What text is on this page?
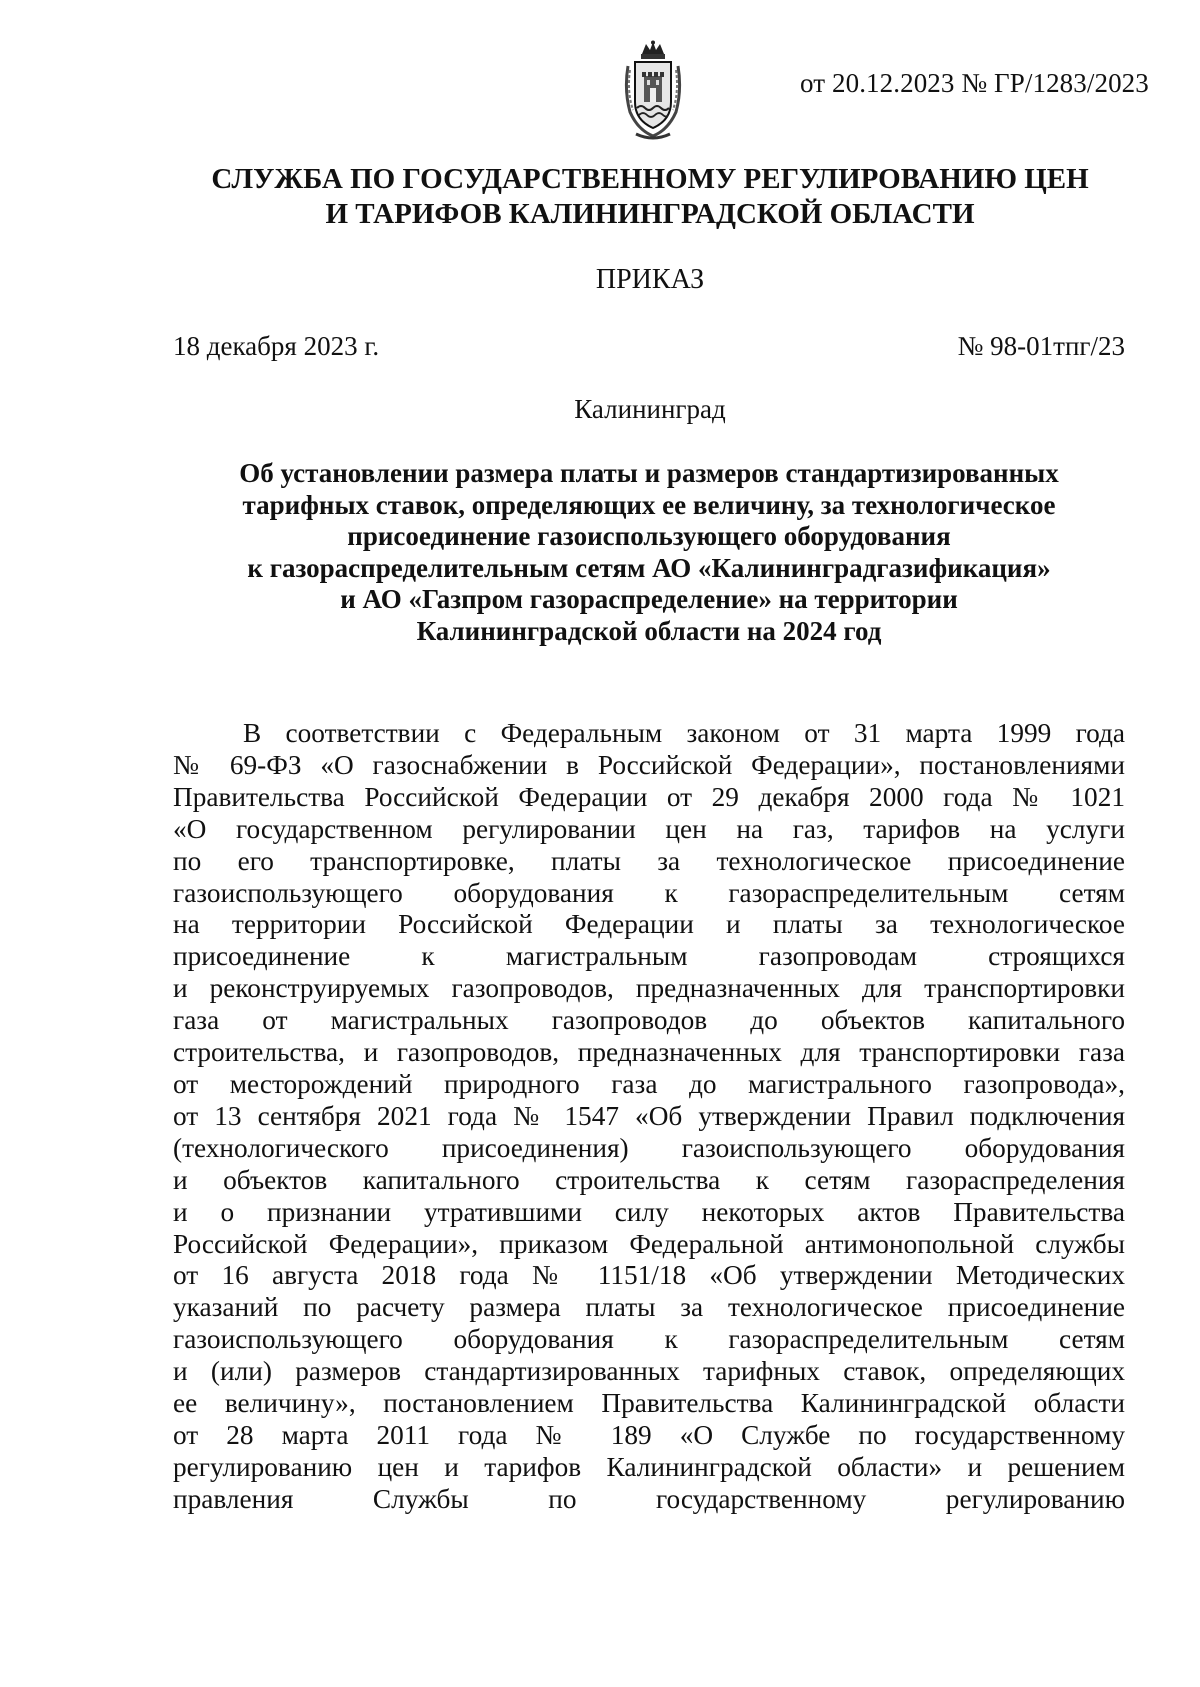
от 20.12.2023 № ГР/1283/2023
СЛУЖБА ПО ГОСУДАРСТВЕННОМУ РЕГУЛИРОВАНИЮ ЦЕН
И ТАРИФОВ КАЛИНИНГРАДСКОЙ ОБЛАСТИ
ПРИКАЗ
18 декабря 2023 г.	№ 98-01тпг/23
Калининград
Об установлении размера платы и размеров стандартизированных
тарифных ставок, определяющих ее величину, за технологическое
присоединение газоиспользующего оборудования
к газораспределительным сетям АО «Калининградгазификация»
и АО «Газпром газораспределение» на территории
Калининградской области на 2024 год
В соответствии с Федеральным законом от 31 марта 1999 года
№ 69-ФЗ «О газоснабжении в Российской Федерации», постановлениями
Правительства Российской Федерации от 29 декабря 2000 года № 1021
«О государственном регулировании цен на газ, тарифов на услуги
по его транспортировке, платы за технологическое присоединение
газоиспользующего оборудования к газораспределительным сетям
на территории Российской Федерации и платы за технологическое
присоединение к магистральным газопроводам строящихся
и реконструируемых газопроводов, предназначенных для транспортировки
газа от магистральных газопроводов до объектов капитального
строительства, и газопроводов, предназначенных для транспортировки газа
от месторождений природного газа до магистрального газопровода»,
от 13 сентября 2021 года № 1547 «Об утверждении Правил подключения
(технологического присоединения) газоиспользующего оборудования
и объектов капитального строительства к сетям газораспределения
и о признании утратившими силу некоторых актов Правительства
Российской Федерации», приказом Федеральной антимонопольной службы
от 16 августа 2018 года № 1151/18 «Об утверждении Методических
указаний по расчету размера платы за технологическое присоединение
газоиспользующего оборудования к газораспределительным сетям
и (или) размеров стандартизированных тарифных ставок, определяющих
ее величину», постановлением Правительства Калининградской области
от 28 марта 2011 года № 189 «О Службе по государственному
регулированию цен и тарифов Калининградской области» и решением
правления Службы по государственному регулированию
